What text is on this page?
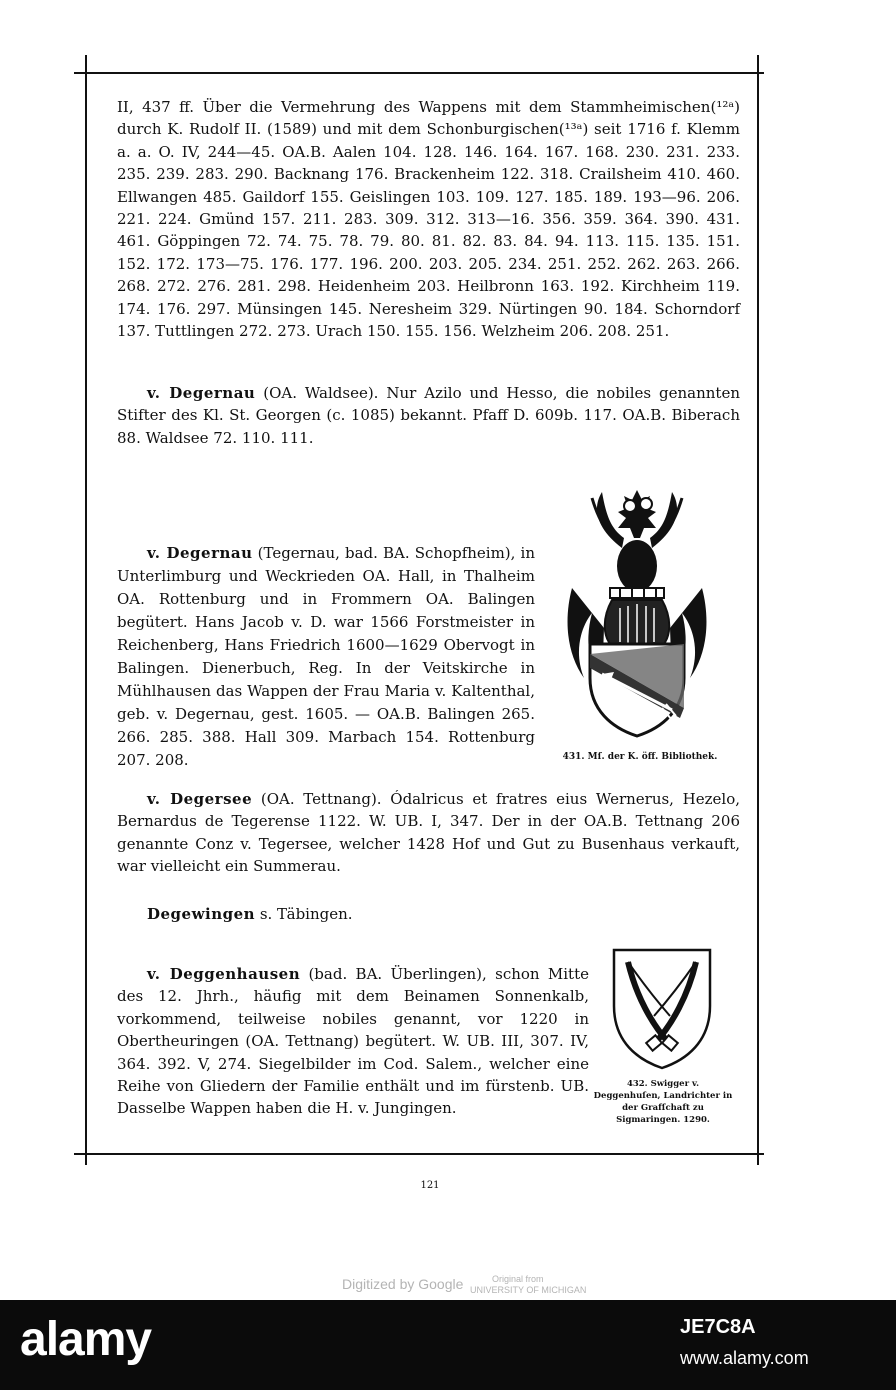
II, 437 ff. Über die Vermehrung des Wappens mit dem Stammheimischen(¹²ᵃ) durch K. Rudolf II. (1589) und mit dem Schonburgischen(¹³ᵃ) seit 1716 f. Klemm a. a. O. IV, 244—45. OA.B. Aalen 104. 128. 146. 164. 167. 168. 230. 231. 233. 235. 239. 283. 290. Backnang 176. Brackenheim 122. 318. Crailsheim 410. 460. Ellwangen 485. Gaildorf 155. Geislingen 103. 109. 127. 185. 189. 193—96. 206. 221. 224. Gmünd 157. 211. 283. 309. 312. 313—16. 356. 359. 364. 390. 431. 461. Göppingen 72. 74. 75. 78. 79. 80. 81. 82. 83. 84. 94. 113. 115. 135. 151. 152. 172. 173—75. 176. 177. 196. 200. 203. 205. 234. 251. 252. 262. 263. 266. 268. 272. 276. 281. 298. Heidenheim 203. Heilbronn 163. 192. Kirchheim 119. 174. 176. 297. Münsingen 145. Neresheim 329. Nürtingen 90. 184. Schorndorf 137. Tuttlingen 272. 273. Urach 150. 155. 156. Welzheim 206. 208. 251.

v. Degernau (OA. Waldsee). Nur Azilo und Hesso, die nobiles genannten Stifter des Kl. St. Georgen (c. 1085) bekannt. Pfaff D. 609b. 117. OA.B. Biberach 88. Waldsee 72. 110. 111.

v. Degernau (Tegernau, bad. BA. Schopfheim), in Unterlimburg und Weckrieden OA. Hall, in Thalheim OA. Rottenburg und in Frommern OA. Balingen begütert. Hans Jacob v. D. war 1566 Forstmeister in Reichenberg, Hans Friedrich 1600—1629 Obervogt in Balingen. Dienerbuch, Reg. In der Veitskirche in Mühlhausen das Wappen der Frau Maria v. Kaltenthal, geb. v. Degernau, gest. 1605. — OA.B. Balingen 265. 266. 285. 388. Hall 309. Marbach 154. Rottenburg 207. 208.	431. Mſ. der K. öff. Bibliothek.

v. Degersee (OA. Tettnang). Ódalricus et fratres eius Wernerus, Hezelo, Bernardus de Tegerense 1122. W. UB. I, 347. Der in der OA.B. Tettnang 206 genannte Conz v. Tegersee, welcher 1428 Hof und Gut zu Busenhaus verkauft, war vielleicht ein Summerau.

Degewingen s. Täbingen.

v. Deggenhausen (bad. BA. Überlingen), schon Mitte des 12. Jhrh., häufig mit dem Beinamen Sonnenkalb, vorkommend, teilweise nobiles genannt, vor 1220 in Obertheuringen (OA. Tettnang) begütert. W. UB. III, 307. IV, 364. 392. V, 274. Siegelbilder im Cod. Salem., welcher eine Reihe von Gliedern der Familie enthält und im fürstenb. UB. Dasselbe Wappen haben die H. v. Jungingen.

432. Swigger v. Deggenhuſen, Landrichter in der Grafſchaft zu Sigmaringen. 1290.
121
Digitized by Google	Original from
UNIVERSITY OF MICHIGAN
alamy	JE7C8A
www.alamy.com
